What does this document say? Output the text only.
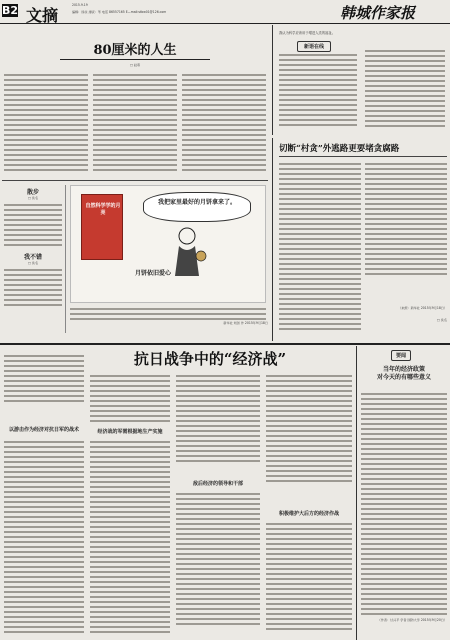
B2 文摘
2015.9.19
编辑：徐扶 排版：苇 电话 86557165 E—mail:stbw01@126.com	韩城作家报
80厘米的人生
□ 赵莫
散步
□ 佚名
我不错
□ 佚名
自然科学学的月亮
我把家里最好的月饼拿来了。
月饼依旧爱心
新华社 刘剑 作 2015年9月18日
新语在线
我认为科学应该用于增进人类的福祉。
切断“村贪”外逃路更要堵贪腐路
（来源：新华社 2015年9月18日）
□ 佚名
抗日战争中的“经济战”
以游击作为经济对抗日军的战术	经济战的军需根据地生产实施
敌后经济的领导和干部
积极维护大后方的经济作战
要闻
当年的经济政策
对今天的有哪些意义
（作者：甘兴平 学者 国防大学 2015年9月20日）
